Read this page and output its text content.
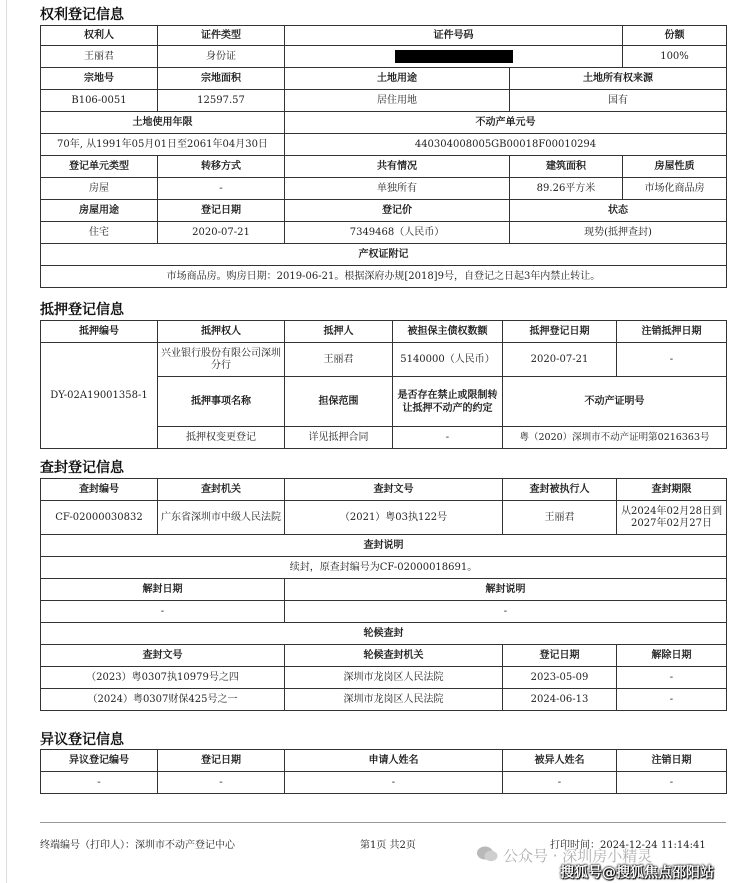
权利登记信息
权利人	证件类型	证件号码		份额
王丽君	身份证			100%
宗地号	宗地面积	土地用途	土地所有权来源	
B106-0051	12597.57	居住用地	国有	
土地使用年限		不动产单元号		
70年, 从1991年05月01日至2061年04月30日		440304008005GB00018F00010294		
登记单元类型	转移方式	共有情况	建筑面积	房屋性质
房屋	-	单独所有	89.26平方米	市场化商品房
房屋用途	登记日期	登记价	状态	
住宅	2020-07-21	7349468（人民币）	现势(抵押查封)	
产权证附记				
市场商品房。购房日期：2019-06-21。根据深府办规[2018]9号，自登记之日起3年内禁止转让。				
抵押登记信息
抵押编号	抵押权人	抵押人	被担保主债权数额	抵押登记日期	注销抵押日期
DY-02A19001358-1	兴业银行股份有限公司深圳分行	王丽君	5140000（人民币）	2020-07-21	-
	抵押事项名称	担保范围	是否存在禁止或限制转让抵押不动产的约定	不动产证明号	
	抵押权变更登记	详见抵押合同	-	粤（2020）深圳市不动产证明第0216363号	
查封登记信息
查封编号	查封机关	查封文号	查封被执行人	查封期限
CF-02000030832	广东省深圳市中级人民法院	（2021）粤03执122号	王丽君	从2024年02月28日到2027年02月27日
查封说明				
续封，原查封编号为CF-02000018691。				
解封日期		解封说明		
-		-		
轮候查封				
查封文号		轮候查封机关	登记日期	解除日期
（2023）粤0307执10979号之四		深圳市龙岗区人民法院	2023-05-09	-
（2024）粤0307财保425号之一		深圳市龙岗区人民法院	2024-06-13	-
异议登记信息
异议登记编号	登记日期	申请人姓名	被异人姓名	注销日期
-	-	-	-	-
终端编号（打印人）：深圳市不动产登记中心	第1页 共2页	打印时间：2024-12-24 11:14:41
公众号 · 深圳房小精灵
搜狐号@搜狐焦点邵阳站
